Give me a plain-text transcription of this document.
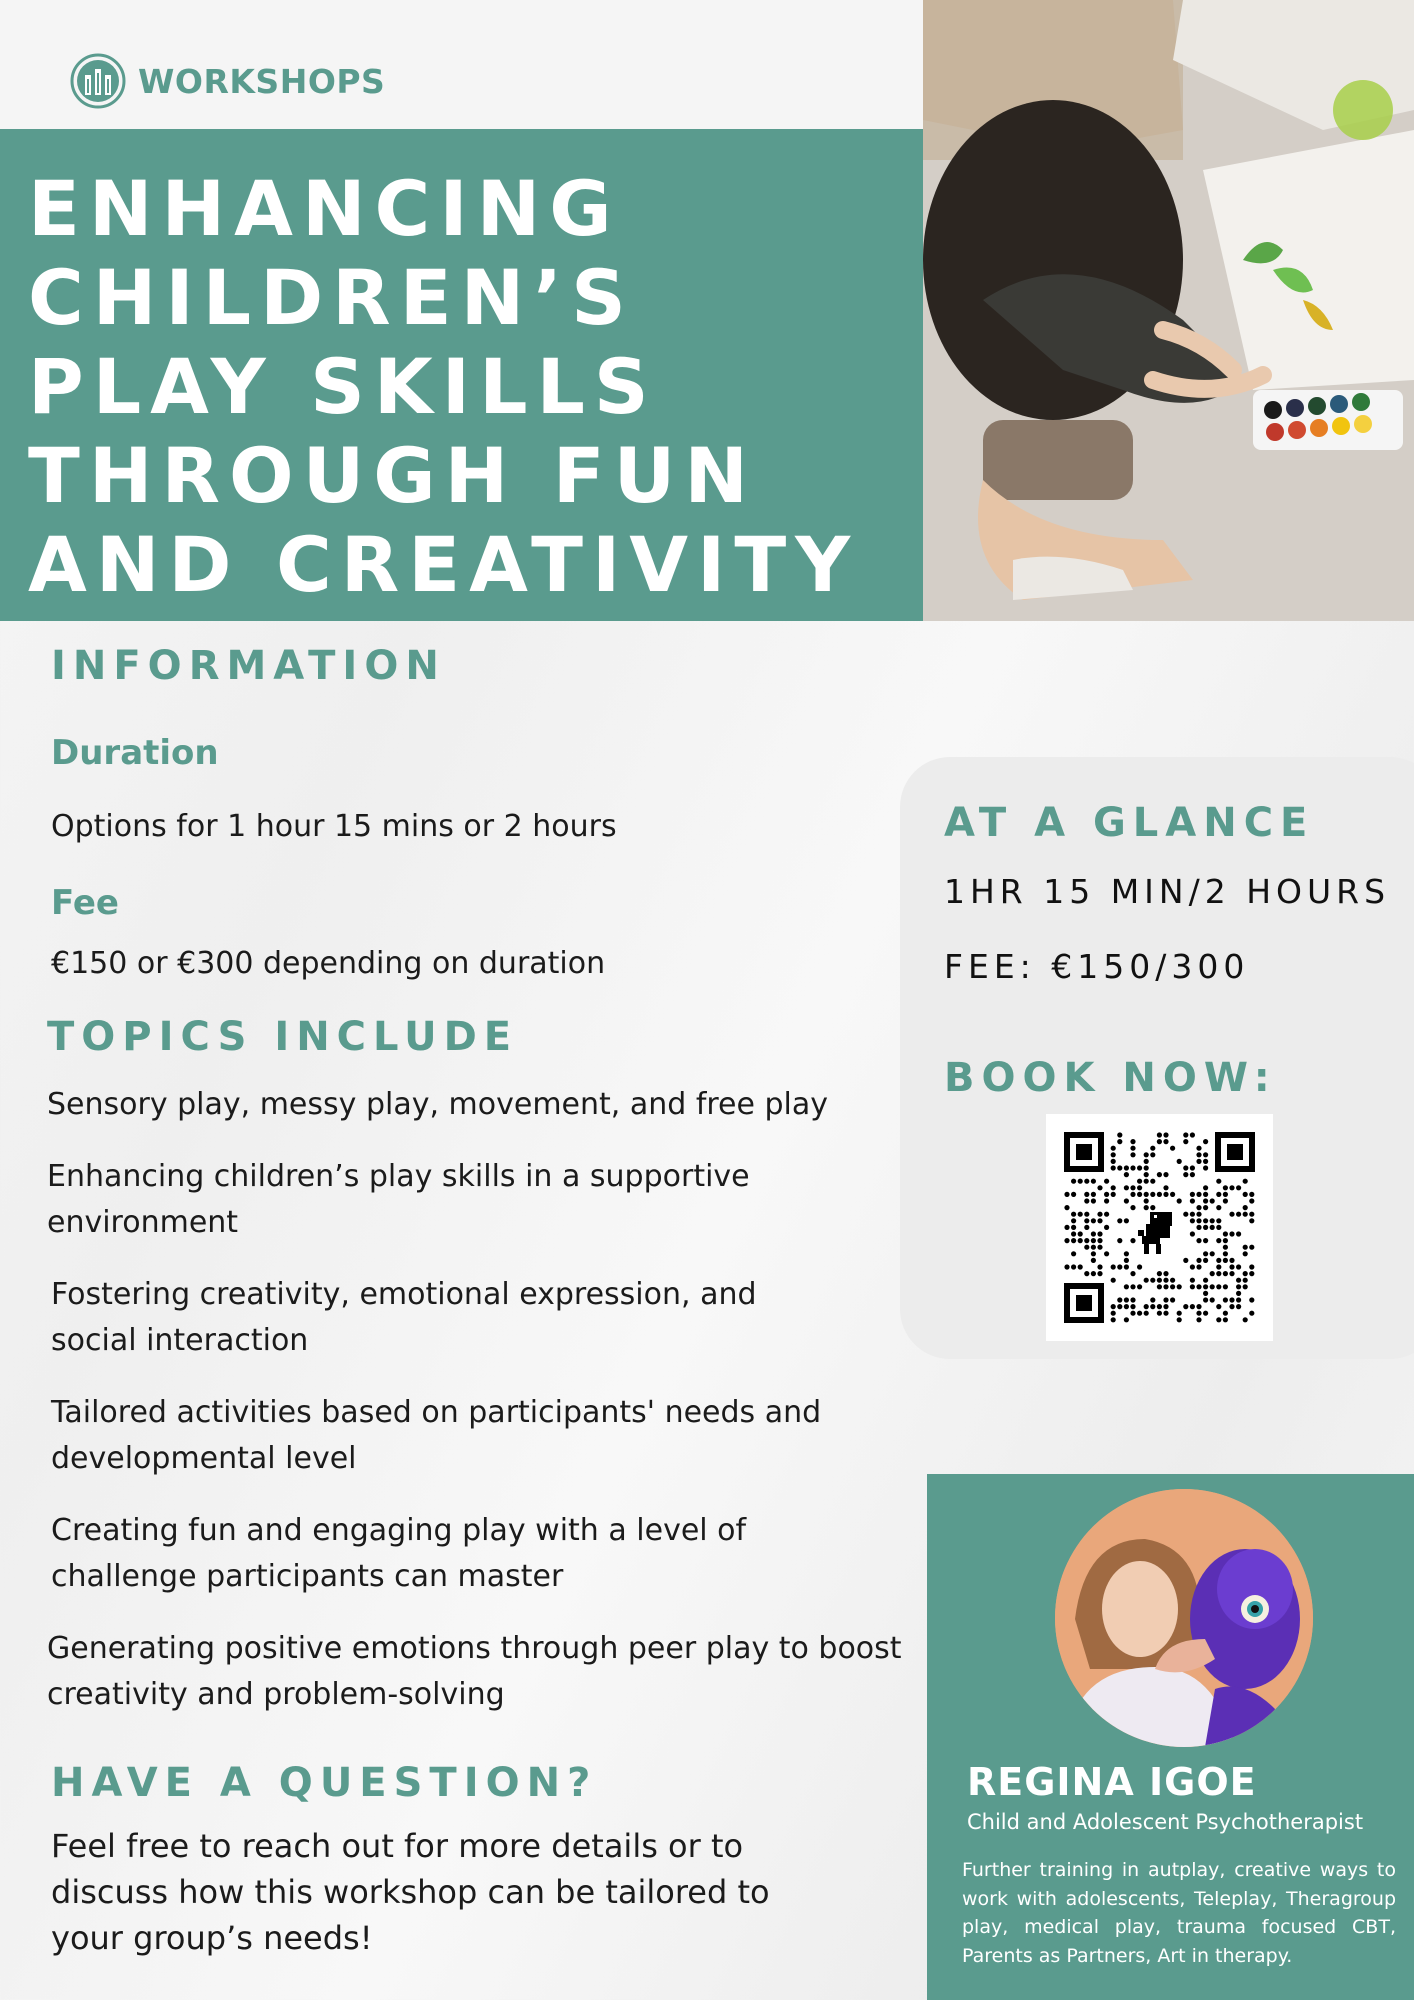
WORKSHOPS
ENHANCING
CHILDREN’S
PLAY SKILLS
THROUGH FUN
AND CREATIVITY
INFORMATION
Duration
Options for 1 hour 15 mins or 2 hours
Fee
€150 or €300 depending on duration
TOPICS INCLUDE
Sensory play, messy play, movement, and free play
Enhancing children’s play skills in a supportive environment
Fostering creativity, emotional expression, and social interaction
Tailored activities based on participants' needs and developmental level
Creating fun and engaging play with a level of challenge participants can master
Generating positive emotions through peer play to boost creativity and problem-solving
HAVE A QUESTION?
Feel free to reach out for more details or to discuss how this workshop can be tailored to your group’s needs!
AT A GLANCE
1HR 15 MIN/2 HOURS
FEE: €150/300
BOOK NOW:
REGINA IGOE
Child and Adolescent Psychotherapist
Further training in autplay, creative ways to work with adolescents, Teleplay, Theragroup play, medical play, trauma focused CBT, Parents as Partners, Art in therapy.
